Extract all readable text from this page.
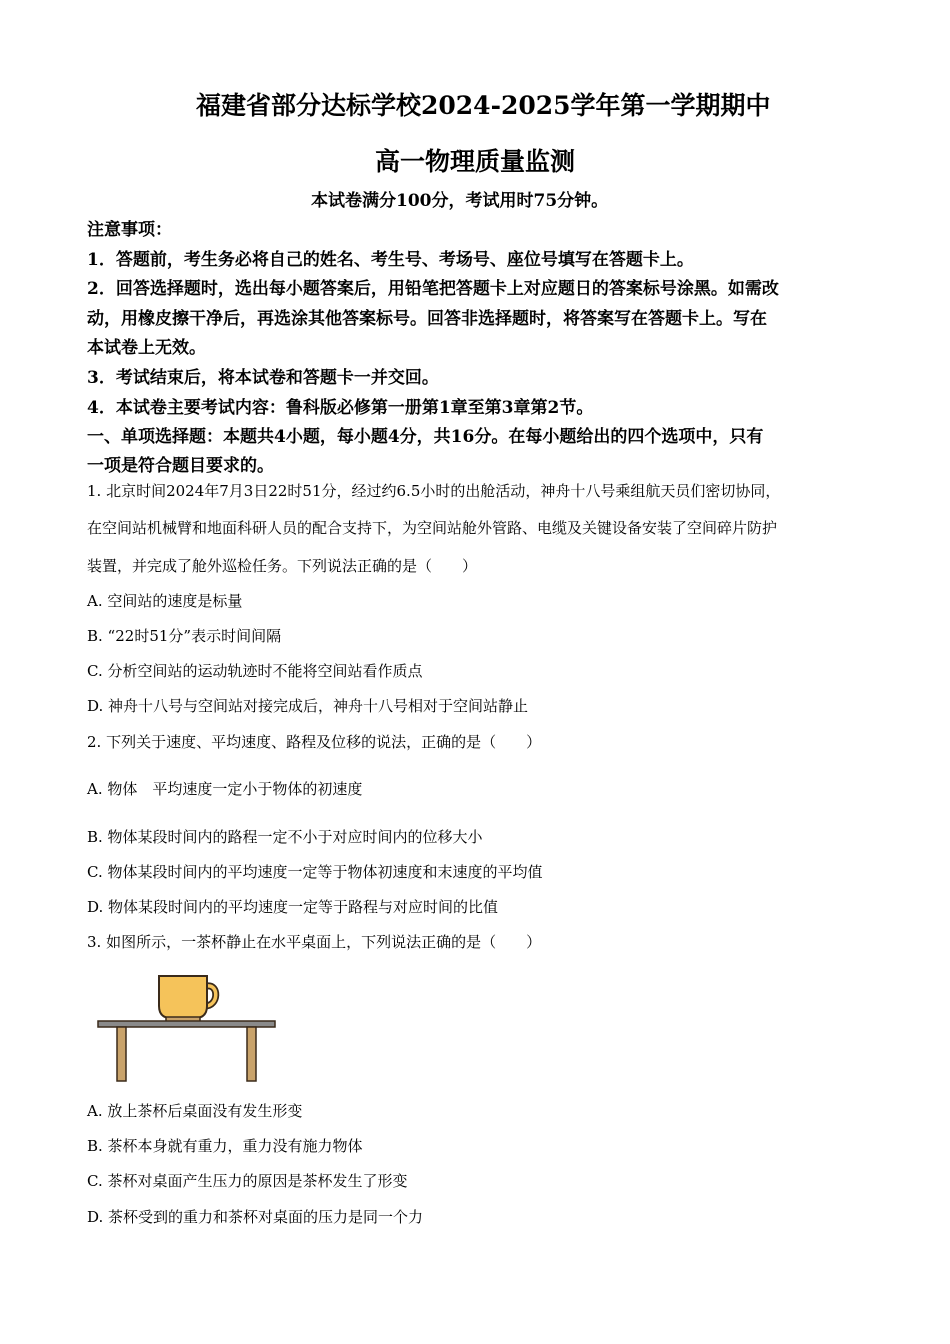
福建省部分达标学校2024-2025学年第一学期期中
高一物理质量监测
本试卷满分100分，考试用时75分钟。
注意事项：
1．答题前，考生务必将自己的姓名、考生号、考场号、座位号填写在答题卡上。
2．回答选择题时，选出每小题答案后，用铅笔把答题卡上对应题日的答案标号涂黑。如需改
动，用橡皮擦干净后，再选涂其他答案标号。回答非选择题时，将答案写在答题卡上。写在
本试卷上无效。
3．考试结束后，将本试卷和答题卡一并交回。
4．本试卷主要考试内容：鲁科版必修第一册第1章至第3章第2节。
一、单项选择题：本题共4小题，每小题4分，共16分。在每小题给出的四个选项中，只有
一项是符合题目要求的。
1. 北京时间2024年7月3日22时51分，经过约6.5小时的出舱活动，神舟十八号乘组航天员们密切协同，
在空间站机械臂和地面科研人员的配合支持下，为空间站舱外管路、电缆及关键设备安装了空间碎片防护
装置，并完成了舱外巡检任务。下列说法正确的是（　　）
A. 空间站的速度是标量
B. “22时51分”表示时间间隔
C. 分析空间站的运动轨迹时不能将空间站看作质点
D. 神舟十八号与空间站对接完成后，神舟十八号相对于空间站静止
2. 下列关于速度、平均速度、路程及位移的说法，正确的是（　　）
A. 物体　平均速度一定小于物体的初速度
B. 物体某段时间内的路程一定不小于对应时间内的位移大小
C. 物体某段时间内的平均速度一定等于物体初速度和末速度的平均值
D. 物体某段时间内的平均速度一定等于路程与对应时间的比值
3. 如图所示，一茶杯静止在水平桌面上，下列说法正确的是（　　）
A. 放上茶杯后桌面没有发生形变
B. 茶杯本身就有重力，重力没有施力物体
C. 茶杯对桌面产生压力的原因是茶杯发生了形变
D. 茶杯受到的重力和茶杯对桌面的压力是同一个力
